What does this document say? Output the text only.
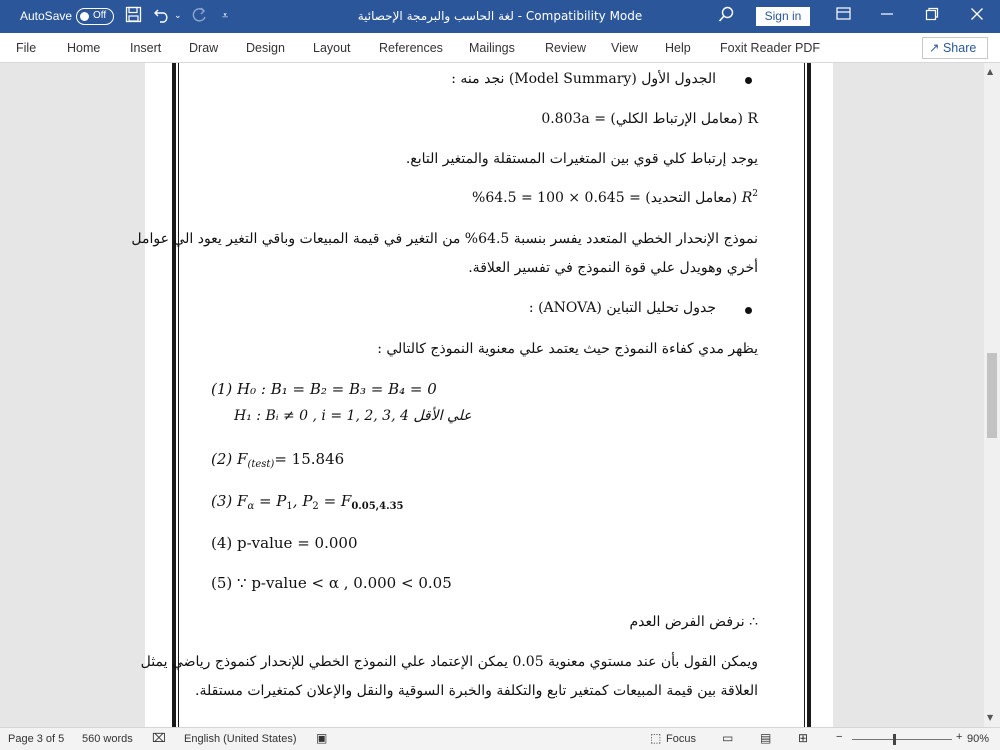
AutoSave Off	⌄	⩡	لغة الحاسب والبرمجة الإحصائية - Compatibility Mode	Sign in
File Home Insert Draw Design Layout References Mailings Review View Help Foxit Reader PDF	↗ Share
الجدول الأول (Model Summary) نجد منه :
R (معامل الإرتباط الكلي) = 0.803a
يوجد إرتباط كلي قوي بين المتغيرات المستقلة والمتغير التابع.
$R^2$ (معامل التحديد) = 0.645 × 100 = 64.5%
نموذج الإنحدار الخطي المتعدد يفسر بنسبة 64.5% من التغير في قيمة المبيعات وباقي التغير يعود الي عوامل
أخري وهويدل علي قوة النموذج في تفسير العلاقة.
جدول تحليل التباين (ANOVA) :
يظهر مدي كفاءة النموذج حيث يعتمد علي معنوية النموذج كالتالي :
(1) H₀ : B₁ = B₂ = B₃ = B₄ = 0
H₁ : Bᵢ ≠ 0 , i = 1, 2, 3, 4 علي الأقل
(2) $F_{(test)}= 15.846$
(3) $F_\alpha = P_1$, $P_2 = F_{0.05,4.35}$
(4) p-value = 0.000
(5) ∵ p-value < α , 0.000 < 0.05
∴ نرفض الفرض العدم
ويمكن القول بأن عند مستوي معنوية 0.05 يمكن الإعتماد علي النموذج الخطي للإنحدار كنموذج رياضي يمثل
العلاقة بين قيمة المبيعات كمتغير تابع والتكلفة والخبرة السوقية والنقل والإعلان كمتغيرات مستقلة.
▲
▼
Page 3 of 5 560 words ⌧ English (United States) ▣	⬚ Focus ▭ ▤ ⊞	−	+ 90%
